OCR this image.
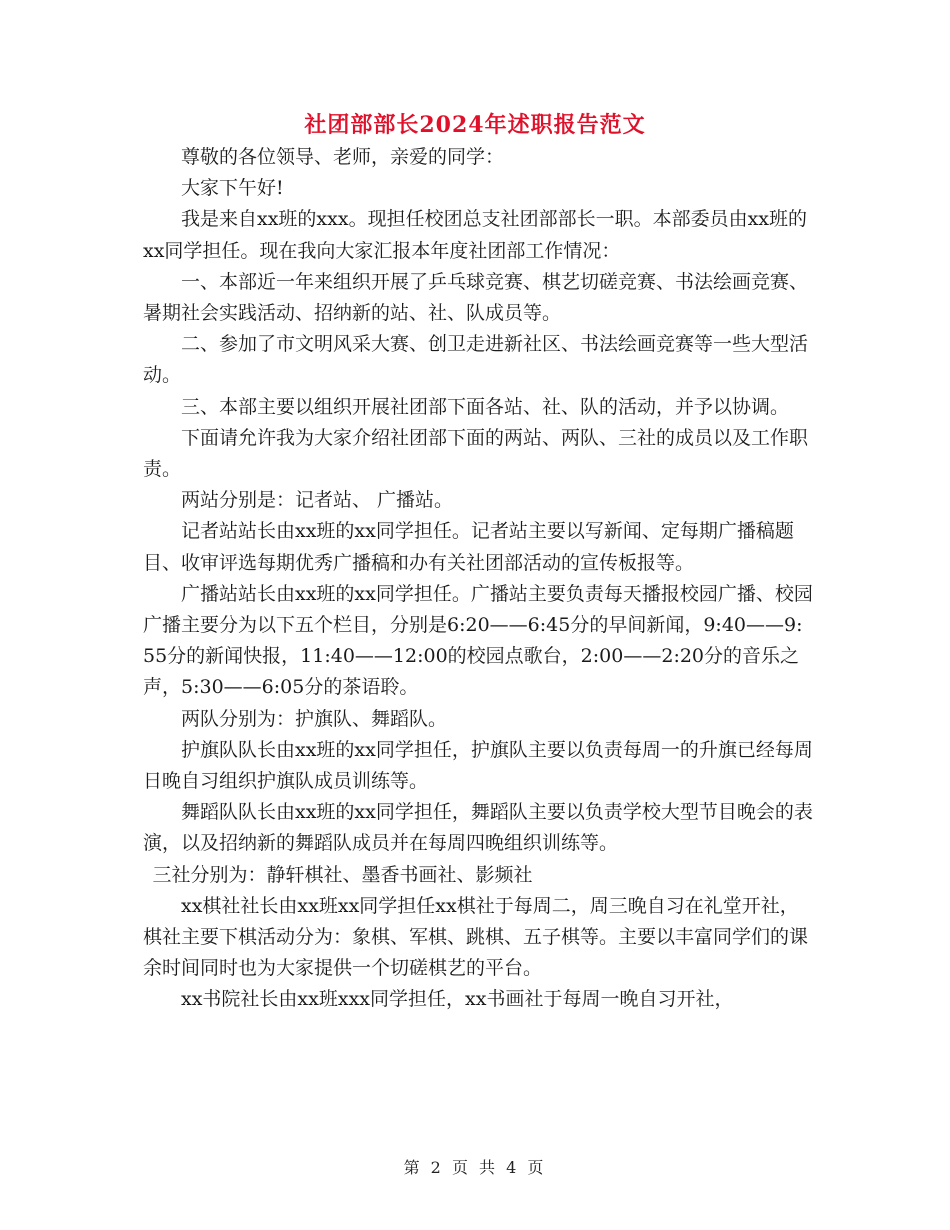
社团部部长2024年述职报告范文

尊敬的各位领导、老师，亲爱的同学：

大家下午好!

我是来自xx班的xxx。现担任校团总支社团部部长一职。本部委员由xx班的xx同学担任。现在我向大家汇报本年度社团部工作情况：

一、本部近一年来组织开展了乒乓球竞赛、棋艺切磋竞赛、书法绘画竞赛、暑期社会实践活动、招纳新的站、社、队成员等。

二、参加了市文明风采大赛、创卫走进新社区、书法绘画竞赛等一些大型活动。

三、本部主要以组织开展社团部下面各站、社、队的活动，并予以协调。

下面请允许我为大家介绍社团部下面的两站、两队、三社的成员以及工作职责。

两站分别是：记者站、 广播站。

记者站站长由xx班的xx同学担任。记者站主要以写新闻、定每期广播稿题目、收审评选每期优秀广播稿和办有关社团部活动的宣传板报等。

广播站站长由xx班的xx同学担任。广播站主要负责每天播报校园广播、校园广播主要分为以下五个栏目，分别是6:20——6:45分的早间新闻，9:40——9:55分的新闻快报，11:40——12:00的校园点歌台，2:00——2:20分的音乐之声，5:30——6:05分的茶语聆。

两队分别为：护旗队、舞蹈队。

护旗队队长由xx班的xx同学担任，护旗队主要以负责每周一的升旗已经每周日晚自习组织护旗队成员训练等。

舞蹈队队长由xx班的xx同学担任，舞蹈队主要以负责学校大型节目晚会的表演，以及招纳新的舞蹈队成员并在每周四晚组织训练等。

三社分别为：静轩棋社、墨香书画社、影频社

xx棋社社长由xx班xx同学担任xx棋社于每周二，周三晚自习在礼堂开社，棋社主要下棋活动分为：象棋、军棋、跳棋、五子棋等。主要以丰富同学们的课余时间同时也为大家提供一个切磋棋艺的平台。

xx书院社长由xx班xxx同学担任，xx书画社于每周一晚自习开社，

第 2 页 共 4 页
